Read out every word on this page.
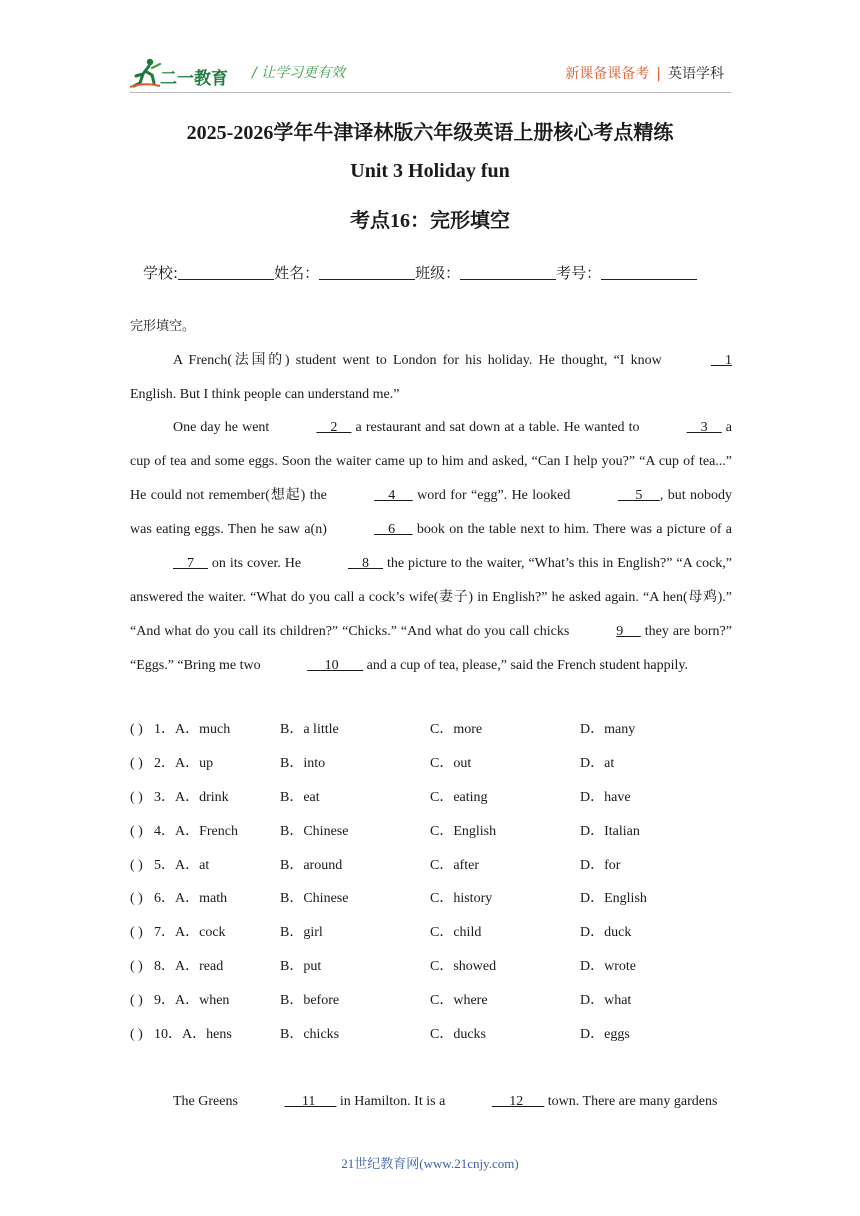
二一教育 / 让学习更有效	新课备课备考 | 英语学科
2025-2026学年牛津译林版六年级英语上册核心考点精练
Unit 3 Holiday fun
考点16：完形填空
学校:	姓名：	班级：	考号：
完形填空。
A French(法国的) student went to London for his holiday. He thought, “I know	1 English. But I think people can understand me.”
One day he went	2     a restaurant and sat down at a table. He wanted to	3     a cup of tea and some eggs. Soon the waiter came up to him and asked, “Can I help you?” “A cup of tea...” He could not remember(想起) the	4      word for “egg”. He looked	5     , but nobody was eating eggs. Then he saw a(n)	6      book on the table next to him. There was a picture of a     7     on its cover. He	8     the picture to the waiter, “What’s this in English?” “A cock,” answered the waiter. “What do you call a cock’s wife(妻子) in English?” he asked again. “A hen(母鸡).” “And what do you call its children?” “Chicks.” “And what do you call chicks	9      they are born?” “Eggs.” “Bring me two	10        and a cup of tea, please,” said the French student happily.
( ) 1．A．much	B．a little	C．more	D．many
( ) 2．A．up	B．into	C．out	D．at
( ) 3．A．drink	B．eat	C．eating	D．have
( ) 4．A．French	B．Chinese	C．English	D．Italian
( ) 5．A．at	B．around	C．after	D．for
( ) 6．A．math	B．Chinese	C．history	D．English
( ) 7．A．cock	B．girl	C．child	D．duck
( ) 8．A．read	B．put	C．showed	D．wrote
( ) 9．A．when	B．before	C．where	D．what
( ) 10．A．hens	B．chicks	C．ducks	D．eggs
The Greens	11       in Hamilton. It is a	12       town. There are many gardens
21世纪教育网(www.21cnjy.com)
